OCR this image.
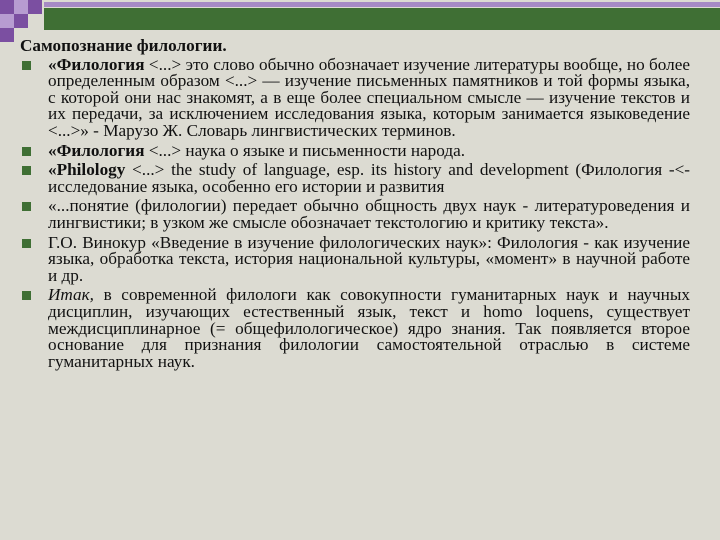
Самопознание филологии.
«Филология <...> это слово обычно обозначает изучение литературы вообще, но более определенным образом <...> — изучение письменных памятников и той формы языка, с которой они нас знакомят, а в еще более специальном смысле — изучение текстов и их передачи, за исключением исследования языка, которым занимается языковедение <...>» - Марузо Ж. Словарь лингвистических терминов.
«Филология <...> наука о языке и письменности народа.
«Philology <...> the study of language, esp. its history and development (Филология -<- исследование языка, особенно его истории и развития
«...понятие (филологии) передает обычно общность двух наук - литературоведения и лингвистики; в узком же смысле обозначает текстологию и критику текста».
Г.О. Винокур «Введение в изучение филологических наук»: Филология - как изучение языка, обработка текста, история национальной культуры, «момент» в научной работе и др.
Итак, в современной филологи как совокупности гуманитарных наук и научных дисциплин, изучающих естественный язык, текст и homo loquens, существует междисциплинарное (= общефилологическое) ядро знания. Так появляется второе основание для признания филологии самостоятельной отраслью в системе гуманитарных наук.
